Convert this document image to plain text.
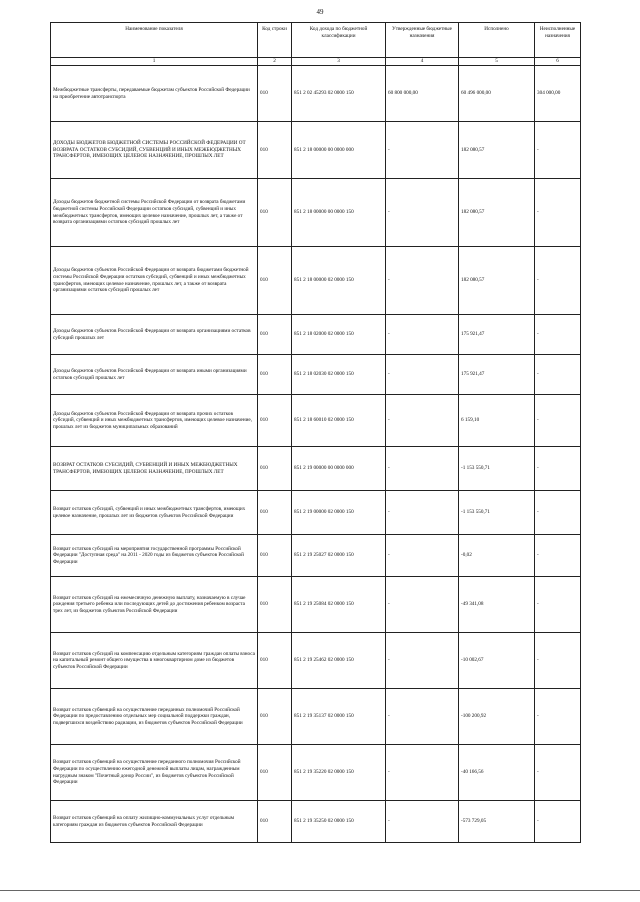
49
Наименование показателя	Код строки	Код дохода по бюджетной классификации	Утвержденные бюджетные назначения	Исполнено	Неисполненные назначения
1	2	3	4	5	6
Межбюджетные трансферты, передаваемые бюджетам субъектов Российской Федерации на приобретение автотранспорта	010	851 2 02 45293 02 0000 150	60 800 000,00	60 496 000,00	304 000,00
ДОХОДЫ БЮДЖЕТОВ БЮДЖЕТНОЙ СИСТЕМЫ РОССИЙСКОЙ ФЕДЕРАЦИИ ОТ ВОЗВРАТА ОСТАТКОВ СУБСИДИЙ, СУБВЕНЦИЙ И ИНЫХ МЕЖБЮДЖЕТНЫХ ТРАНСФЕРТОВ, ИМЕЮЩИХ ЦЕЛЕВОЕ НАЗНАЧЕНИЕ, ПРОШЛЫХ ЛЕТ	010	851 2 18 00000 00 0000 000	-	182 080,57	-
Доходы бюджетов бюджетной системы Российской Федерации от возврата бюджетами бюджетной системы Российской Федерации остатков субсидий, субвенций и иных межбюджетных трансфертов, имеющих целевое назначение, прошлых лет, а также от возврата организациями остатков субсидий прошлых лет	010	851 2 18 00000 00 0000 150	-	182 080,57	-
Доходы бюджетов субъектов Российской Федерации от возврата бюджетами бюджетной системы Российской Федерации остатков субсидий, субвенций и иных межбюджетных трансфертов, имеющих целевое назначение, прошлых лет, а также от возврата организациями остатков субсидий прошлых лет	010	851 2 18 00000 02 0000 150	-	182 080,57	-
Доходы бюджетов субъектов Российской Федерации от возврата организациями остатков субсидий прошлых лет	010	851 2 18 02000 02 0000 150	-	175 921,47	-
Доходы бюджетов субъектов Российской Федерации от возврата иными организациями остатков субсидий прошлых лет	010	851 2 18 02030 02 0000 150	-	175 921,47	-
Доходы бюджетов субъектов Российской Федерации от возврата прочих остатков субсидий, субвенций и иных межбюджетных трансфертов, имеющих целевое назначение, прошлых лет из бюджетов муниципальных образований	010	851 2 18 60010 02 0000 150	-	6 159,10	-
ВОЗВРАТ ОСТАТКОВ СУБСИДИЙ, СУБВЕНЦИЙ И ИНЫХ МЕЖБЮДЖЕТНЫХ ТРАНСФЕРТОВ, ИМЕЮЩИХ ЦЕЛЕВОЕ НАЗНАЧЕНИЕ, ПРОШЛЫХ ЛЕТ	010	851 2 19 00000 00 0000 000	-	-1 153 550,71	-
Возврат остатков субсидий, субвенций и иных межбюджетных трансфертов, имеющих целевое назначение, прошлых лет из бюджетов субъектов Российской Федерации	010	851 2 19 00000 02 0000 150	-	-1 153 550,71	-
Возврат остатков субсидий на мероприятия государственной программы Российской Федерации "Доступная среда" на 2011 - 2020 годы из бюджетов субъектов Российской Федерации	010	851 2 19 25027 02 0000 150	-	-0,02	-
Возврат остатков субсидий на ежемесячную денежную выплату, назначаемую в случае рождения третьего ребенка или последующих детей до достижения ребенком возраста трех лет, из бюджетов субъектов Российской Федерации	010	851 2 19 25084 02 0000 150	-	-49 341,08	-
Возврат остатков субсидий на компенсацию отдельным категориям граждан оплаты взноса на капитальный ремонт общего имущества в многоквартирном доме из бюджетов субъектов Российской Федерации	010	851 2 19 25462 02 0000 150	-	-10 002,67	-
Возврат остатков субвенций на осуществление переданных полномочий Российской Федерации по предоставлению отдельных мер социальной поддержки граждан, подвергшихся воздействию радиации, из бюджетов субъектов Российской Федерации	010	851 2 19 35137 02 0000 150	-	-100 200,92	-
Возврат остатков субвенций на осуществление переданного полномочия Российской Федерации по осуществлению ежегодной денежной выплаты лицам, награжденным нагрудным знаком "Почетный донор России", из бюджетов субъектов Российской Федерации	010	851 2 19 35220 02 0000 150	-	-40 166,56	-
Возврат остатков субвенций на оплату жилищно-коммунальных услуг отдельным категориям граждан из бюджетов субъектов Российской Федерации	010	851 2 19 35250 02 0000 150	-	-573 729,05	-
